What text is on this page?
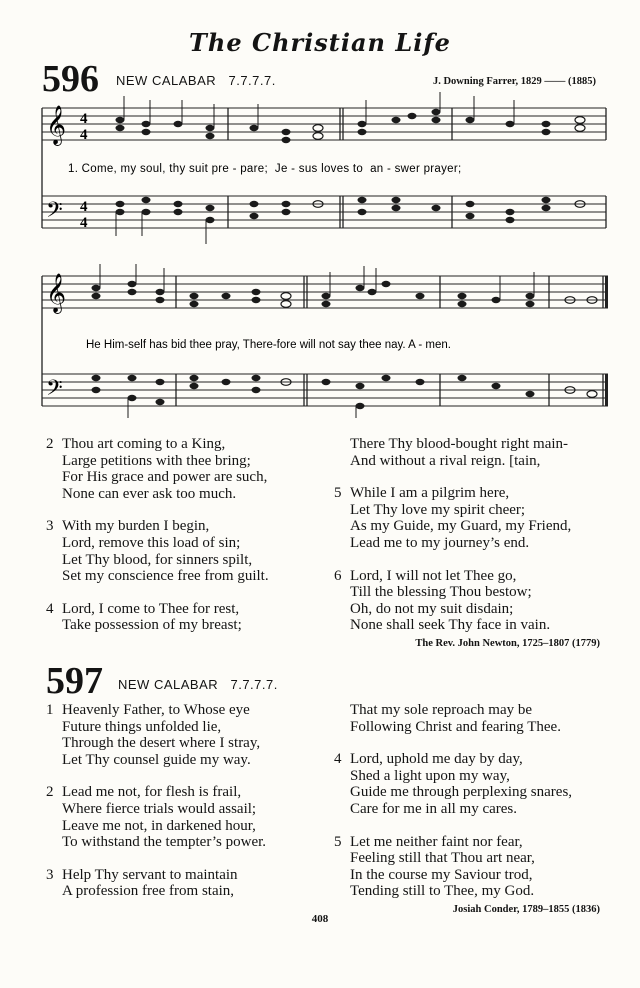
The Christian Life
596 NEW CALABAR 7.7.7.7.	J. Downing Farrer, 1829 —— (1885)
𝄞
𝄢
4
4
4
4
1. Come, my soul, thy suit pre - pare;  Je - sus loves to  an - swer prayer;
𝄞
𝄢
He Him-self has bid thee pray, There-fore will not say thee nay. A - men.
2 Thou art coming to a King,
Large petitions with thee bring;
For His grace and power are such,
None can ever ask too much.
3 With my burden I begin,
Lord, remove this load of sin;
Let Thy blood, for sinners spilt,
Set my conscience free from guilt.
4 Lord, I come to Thee for rest,
Take possession of my breast;
There Thy blood-bought right main-
And without a rival reign. [tain,
5 While I am a pilgrim here,
Let Thy love my spirit cheer;
As my Guide, my Guard, my Friend,
Lead me to my journey’s end.
6 Lord, I will not let Thee go,
Till the blessing Thou bestow;
Oh, do not my suit disdain;
None shall seek Thy face in vain.
The Rev. John Newton, 1725–1807 (1779)
597 NEW CALABAR 7.7.7.7.
1 Heavenly Father, to Whose eye
Future things unfolded lie,
Through the desert where I stray,
Let Thy counsel guide my way.
2 Lead me not, for flesh is frail,
Where fierce trials would assail;
Leave me not, in darkened hour,
To withstand the tempter’s power.
3 Help Thy servant to maintain
A profession free from stain,
That my sole reproach may be
Following Christ and fearing Thee.
4 Lord, uphold me day by day,
Shed a light upon my way,
Guide me through perplexing snares,
Care for me in all my cares.
5 Let me neither faint nor fear,
Feeling still that Thou art near,
In the course my Saviour trod,
Tending still to Thee, my God.
Josiah Conder, 1789–1855 (1836)
408
